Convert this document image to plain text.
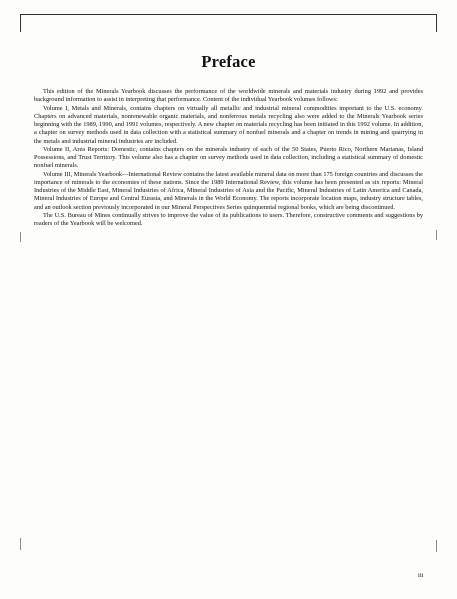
Preface

This edition of the Minerals Yearbook discusses the performance of the worldwide minerals and materials industry during 1992 and provides background information to assist in interpreting that performance. Content of the individual Yearbook volumes follows:

Volume I, Metals and Minerals, contains chapters on virtually all metallic and industrial mineral commodities important to the U.S. economy. Chapters on advanced materials, nonrenewable organic materials, and nonferrous metals recycling also were added to the Minerals Yearbook series beginning with the 1989, 1990, and 1991 volumes, respectively. A new chapter on materials recycling has been initiated in this 1992 volume. In addition, a chapter on survey methods used in data collection with a statistical summary of nonfuel minerals and a chapter on trends in mining and quarrying in the metals and industrial mineral industries are included.

Volume II, Area Reports: Domestic, contains chapters on the minerals industry of each of the 50 States, Puerto Rico, Northern Marianas, Island Possessions, and Trust Territory. This volume also has a chapter on survey methods used in data collection, including a statistical summary of domestic nonfuel minerals.

Volume III, Minerals Yearbook—International Review contains the latest available mineral data on more than 175 foreign countries and discusses the importance of minerals to the economies of these nations. Since the 1989 International Review, this volume has been presented as six reports: Mineral Industries of the Middle East, Mineral Industries of Africa, Mineral Industries of Asia and the Pacific, Mineral Industries of Latin America and Canada, Mineral Industries of Europe and Central Eurasia, and Minerals in the World Economy. The reports incorporate location maps, industry structure tables, and an outlook section previously incorporated in our Mineral Perspectives Series quinquennial regional books, which are being discontinued.

The U.S. Bureau of Mines continually strives to improve the value of its publications to users. Therefore, constructive comments and suggestions by readers of the Yearbook will be welcomed.

iii
